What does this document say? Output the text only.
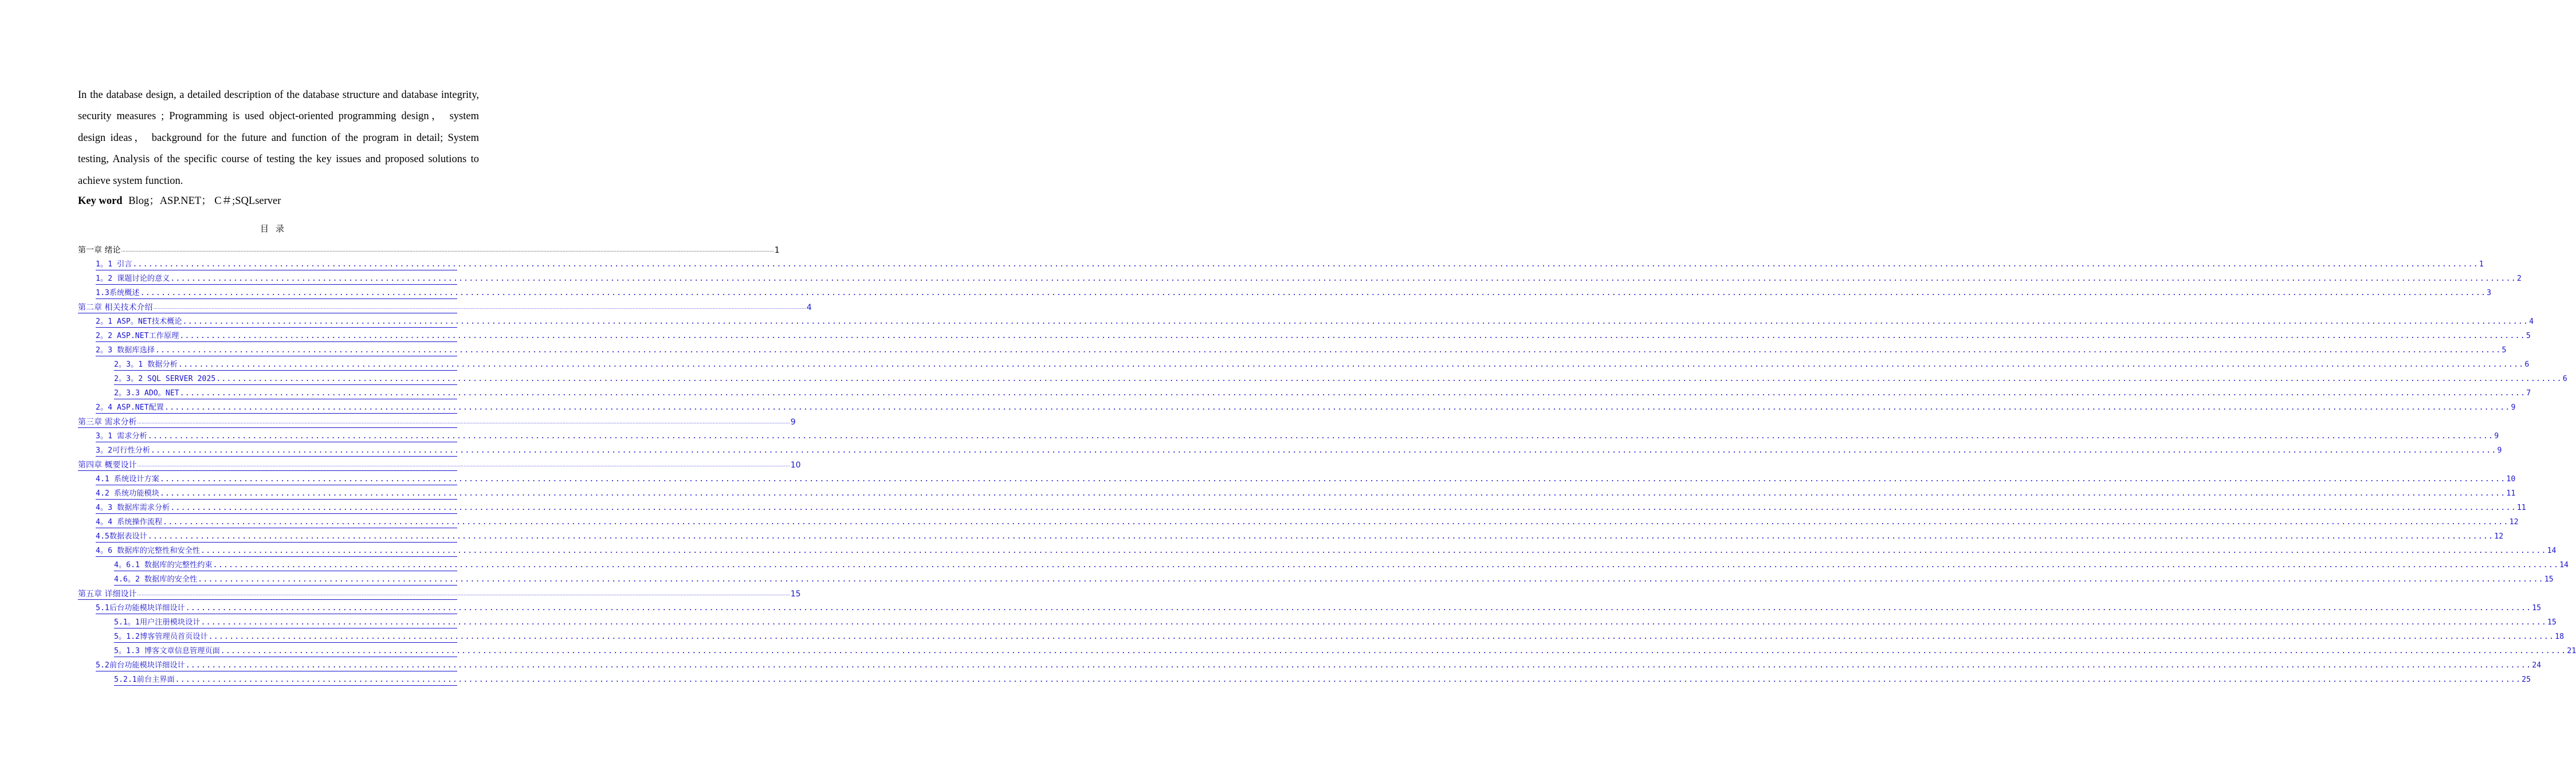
In the database design, a detailed description of the database structure and database integrity, security measures ; Programming is used object-oriented programming design， system design ideas， background for the future and function of the program in detail; System testing, Analysis of the specific course of testing the key issues and proposed solutions to achieve system function.

Key word Blog；ASP.NET； C＃;SQLserver
目录
第一章 绪论 ................................................................................................................................................................................................................................................................................................................................................................................................................................................................ 1
1。1 引言 ................................................................................................................................................................................................................................................................................................................................................................................................................................................................ 1
1。2 课题讨论的意义 ................................................................................................................................................................................................................................................................................................................................................................................................................................................................ 2
1.3系统概述 ................................................................................................................................................................................................................................................................................................................................................................................................................................................................ 3
第二章 相关技术介绍 ................................................................................................................................................................................................................................................................................................................................................................................................................................................................ 4
2。1 ASP。NET技术概论 ................................................................................................................................................................................................................................................................................................................................................................................................................................................................ 4
2。2 ASP.NET工作原理 ................................................................................................................................................................................................................................................................................................................................................................................................................................................................ 5
2。3 数据库选择 ................................................................................................................................................................................................................................................................................................................................................................................................................................................................ 5
2。3。1 数据分析 ................................................................................................................................................................................................................................................................................................................................................................................................................................................................ 6
2。3。2 SQL SERVER 2025 ................................................................................................................................................................................................................................................................................................................................................................................................................................................................ 6
2。3.3 ADO。NET ................................................................................................................................................................................................................................................................................................................................................................................................................................................................ 7
2。4 ASP.NET配置 ................................................................................................................................................................................................................................................................................................................................................................................................................................................................ 9
第三章 需求分析 ................................................................................................................................................................................................................................................................................................................................................................................................................................................................ 9
3。1 需求分析 ................................................................................................................................................................................................................................................................................................................................................................................................................................................................ 9
3。2可行性分析 ................................................................................................................................................................................................................................................................................................................................................................................................................................................................ 9
第四章 概要设计 ................................................................................................................................................................................................................................................................................................................................................................................................................................................................ 10
4.1 系统设计方案 ................................................................................................................................................................................................................................................................................................................................................................................................................................................................ 10
4.2 系统功能模块 ................................................................................................................................................................................................................................................................................................................................................................................................................................................................ 11
4。3 数据库需求分析 ................................................................................................................................................................................................................................................................................................................................................................................................................................................................ 11
4。4 系统操作流程 ................................................................................................................................................................................................................................................................................................................................................................................................................................................................ 12
4.5数据表设计 ................................................................................................................................................................................................................................................................................................................................................................................................................................................................ 12
4。6 数据库的完整性和安全性 ................................................................................................................................................................................................................................................................................................................................................................................................................................................................ 14
4。6.1 数据库的完整性约束 ................................................................................................................................................................................................................................................................................................................................................................................................................................................................ 14
4.6。2 数据库的安全性 ................................................................................................................................................................................................................................................................................................................................................................................................................................................................ 15
第五章 详细设计 ................................................................................................................................................................................................................................................................................................................................................................................................................................................................ 15
5.1后台功能模块详细设计 ................................................................................................................................................................................................................................................................................................................................................................................................................................................................ 15
5.1。1用户注册模块设计 ................................................................................................................................................................................................................................................................................................................................................................................................................................................................ 15
5。1.2博客管理员首页设计 ................................................................................................................................................................................................................................................................................................................................................................................................................................................................ 18
5。1.3 博客文章信息管理页面 ................................................................................................................................................................................................................................................................................................................................................................................................................................................................ 21
5.2前台功能模块详细设计 ................................................................................................................................................................................................................................................................................................................................................................................................................................................................ 24
5.2.1前台主界面 ................................................................................................................................................................................................................................................................................................................................................................................................................................................................ 25
